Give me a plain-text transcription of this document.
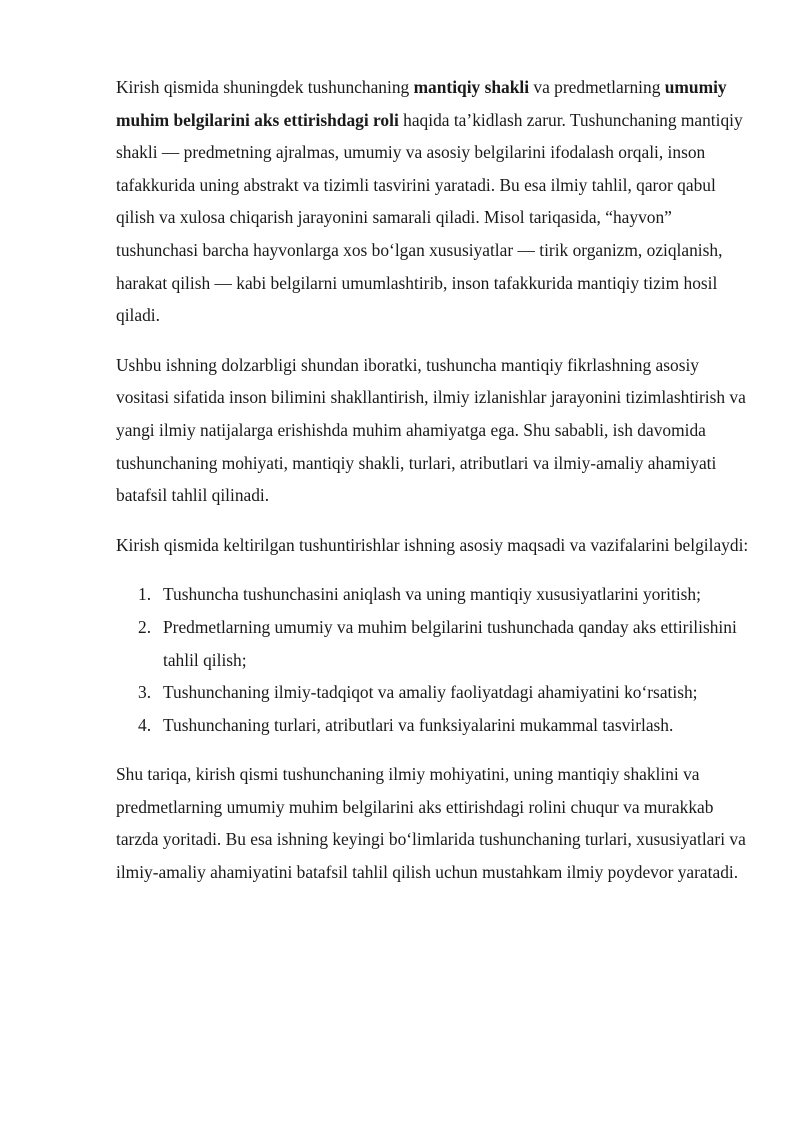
Kirish qismida shuningdek tushunchaning mantiqiy shakli va predmetlarning umumiy muhim belgilarini aks ettirishdagi roli haqida ta’kidlash zarur. Tushunchaning mantiqiy shakli — predmetning ajralmas, umumiy va asosiy belgilarini ifodalash orqali, inson tafakkurida uning abstrakt va tizimli tasvirini yaratadi. Bu esa ilmiy tahlil, qaror qabul qilish va xulosa chiqarish jarayonini samarali qiladi. Misol tariqasida, “hayvon” tushunchasi barcha hayvonlarga xos bo‘lgan xususiyatlar — tirik organizm, oziqlanish, harakat qilish — kabi belgilarni umumlashtirib, inson tafakkurida mantiqiy tizim hosil qiladi.

Ushbu ishning dolzarbligi shundan iboratki, tushuncha mantiqiy fikrlashning asosiy vositasi sifatida inson bilimini shakllantirish, ilmiy izlanishlar jarayonini tizimlashtirish va yangi ilmiy natijalarga erishishda muhim ahamiyatga ega. Shu sababli, ish davomida tushunchaning mohiyati, mantiqiy shakli, turlari, atributlari va ilmiy-amaliy ahamiyati batafsil tahlil qilinadi.

Kirish qismida keltirilgan tushuntirishlar ishning asosiy maqsadi va vazifalarini belgilaydi:

1. Tushuncha tushunchasini aniqlash va uning mantiqiy xususiyatlarini yoritish;
2. Predmetlarning umumiy va muhim belgilarini tushunchada qanday aks ettirilishini tahlil qilish;
3. Tushunchaning ilmiy-tadqiqot va amaliy faoliyatdagi ahamiyatini ko‘rsatish;
4. Tushunchaning turlari, atributlari va funksiyalarini mukammal tasvirlash.

Shu tariqa, kirish qismi tushunchaning ilmiy mohiyatini, uning mantiqiy shaklini va predmetlarning umumiy muhim belgilarini aks ettirishdagi rolini chuqur va murakkab tarzda yoritadi. Bu esa ishning keyingi bo‘limlarida tushunchaning turlari, xususiyatlari va ilmiy-amaliy ahamiyatini batafsil tahlil qilish uchun mustahkam ilmiy poydevor yaratadi.
